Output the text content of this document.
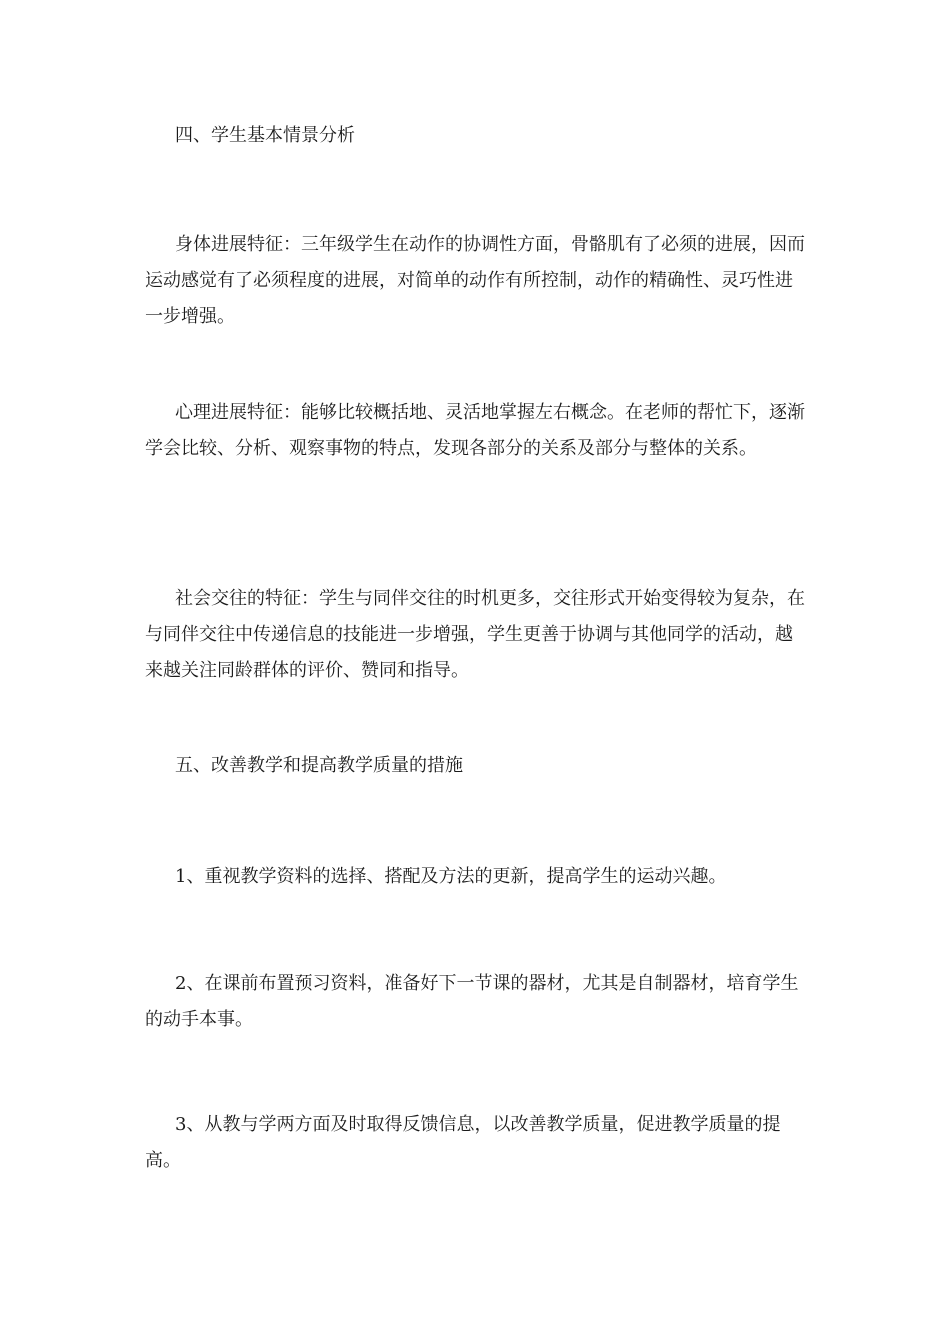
四、学生基本情景分析
身体进展特征：三年级学生在动作的协调性方面，骨骼肌有了必须的进展，因而运动感觉有了必须程度的进展，对简单的动作有所控制，动作的精确性、灵巧性进一步增强。
心理进展特征：能够比较概括地、灵活地掌握左右概念。在老师的帮忙下，逐渐学会比较、分析、观察事物的特点，发现各部分的关系及部分与整体的关系。
社会交往的特征：学生与同伴交往的时机更多，交往形式开始变得较为复杂，在与同伴交往中传递信息的技能进一步增强，学生更善于协调与其他同学的活动，越来越关注同龄群体的评价、赞同和指导。
五、改善教学和提高教学质量的措施
1、重视教学资料的选择、搭配及方法的更新，提高学生的运动兴趣。
2、在课前布置预习资料，准备好下一节课的器材，尤其是自制器材，培育学生的动手本事。
3、从教与学两方面及时取得反馈信息，以改善教学质量，促进教学质量的提高。
